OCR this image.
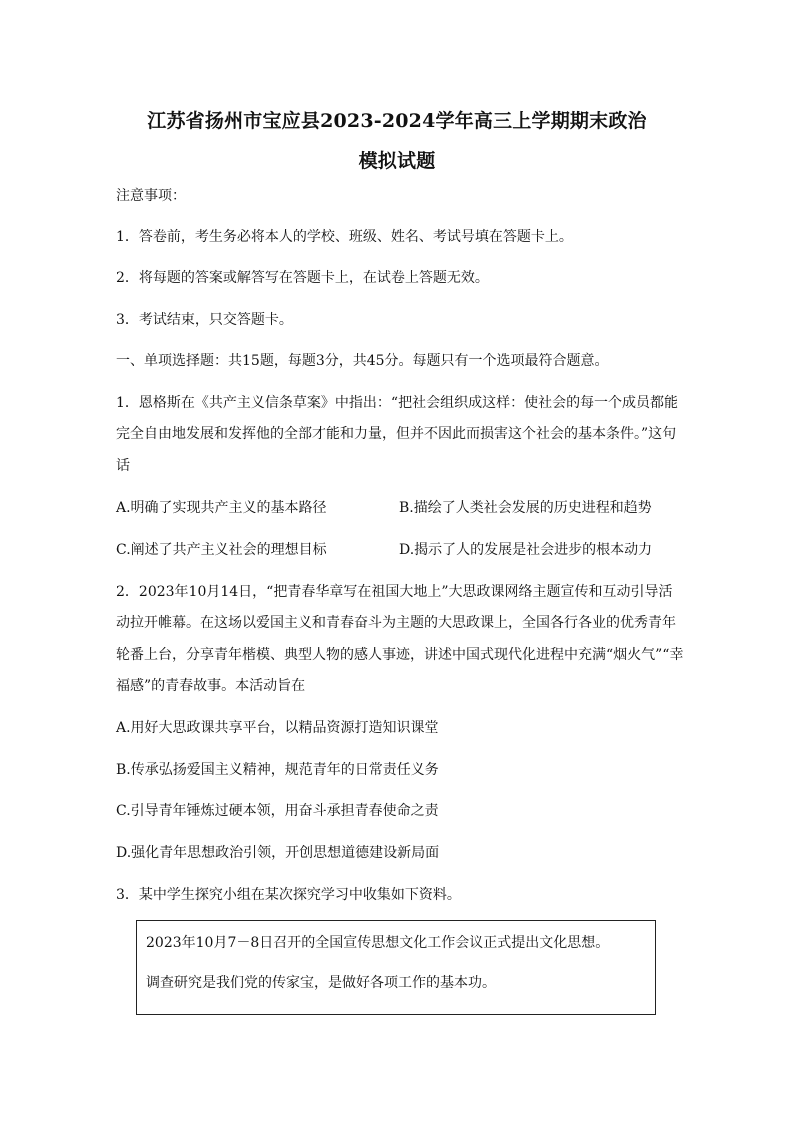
江苏省扬州市宝应县2023-2024学年高三上学期期末政治
模拟试题
注意事项：
1．答卷前，考生务必将本人的学校、班级、姓名、考试号填在答题卡上。
2．将每题的答案或解答写在答题卡上，在试卷上答题无效。
3．考试结束，只交答题卡。
一、单项选择题：共15题，每题3分，共45分。每题只有一个选项最符合题意。
1．恩格斯在《共产主义信条草案》中指出：“把社会组织成这样：使社会的每一个成员都能
完全自由地发展和发挥他的全部才能和力量，但并不因此而损害这个社会的基本条件。”这句
话
A.明确了实现共产主义的基本路径	B.描绘了人类社会发展的历史进程和趋势
C.阐述了共产主义社会的理想目标	D.揭示了人的发展是社会进步的根本动力
2．2023年10月14日，“把青春华章写在祖国大地上”大思政课网络主题宣传和互动引导活
动拉开帷幕。在这场以爱国主义和青春奋斗为主题的大思政课上，全国各行各业的优秀青年
轮番上台，分享青年楷模、典型人物的感人事迹，讲述中国式现代化进程中充满“烟火气”“幸
福感”的青春故事。本活动旨在
A.用好大思政课共享平台，以精品资源打造知识课堂
B.传承弘扬爱国主义精神，规范青年的日常责任义务
C.引导青年锤炼过硬本领，用奋斗承担青春使命之责
D.强化青年思想政治引领，开创思想道德建设新局面
3．某中学生探究小组在某次探究学习中收集如下资料。
2023年10月7－8日召开的全国宣传思想文化工作会议正式提出文化思想。
调查研究是我们党的传家宝，是做好各项工作的基本功。
